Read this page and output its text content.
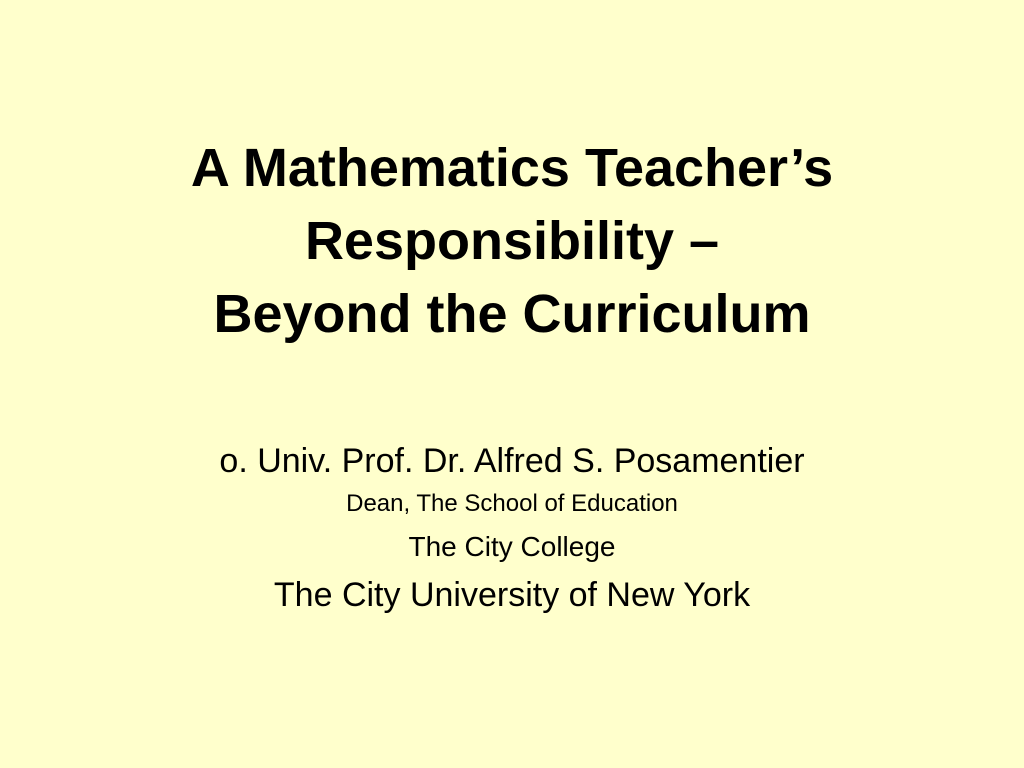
A Mathematics Teacher’s
Responsibility –
Beyond the Curriculum
o. Univ. Prof. Dr. Alfred S. Posamentier
Dean, The School of Education
The City College
The City University of New York
